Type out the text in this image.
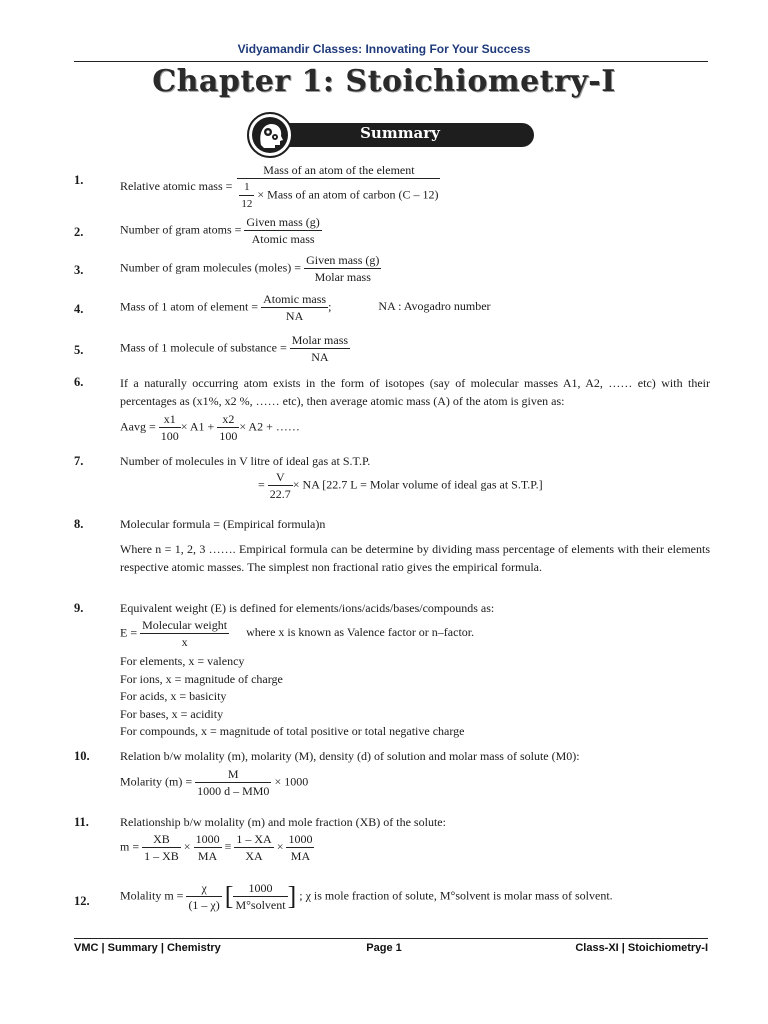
Vidyamandir Classes: Innovating For Your Success
Chapter 1: Stoichiometry-I
Summary
1.	Relative atomic mass = $\frac{\text{Mass of an atom of the element}}{\frac{1}{12} \times Mass of an atom of carbon (C - 12)}$
2.	Number of gram atoms = $\frac{\text{Given mass (g)}}{\text{Atomic mass}}$
3.	Number of gram molecules (moles) = $\frac{\text{Given mass (g)}}{\text{Molar mass}}$
4.	Mass of 1 atom of element = $\frac{\text{Atomic mass}}{NA}$ ;	NA : Avogadro number
5.	Mass of 1 molecule of substance = $\frac{\text{Molar mass}}{NA}$
6.	If a naturally occurring atom exists in the form of isotopes (say of molecular masses A1, A2, …… etc) with their percentages as (x1%, x2 %, …… etc), then average atomic mass (A) of the atom is given as:
Aavg = $\frac{x1}{100} \times A1 + \frac{x2}{100} \times A2$ + ……
7.	Number of molecules in V litre of ideal gas at S.T.P.
= $\frac{V}{22.7}$ × NA [22.7 L = Molar volume of ideal gas at S.T.P.]
8.	Molecular formula = (Empirical formula)n
Where n = 1, 2, 3 ……. Empirical formula can be determine by dividing mass percentage of elements with their elements respective atomic masses. The simplest non fractional ratio gives the empirical formula.
9.	Equivalent weight (E) is defined for elements/ions/acids/bases/compounds as:
$E = \frac{\text{Molecular weight}}{x}$ where x is known as Valence factor or n–factor.
For elements, x = valency
For ions, x = magnitude of charge
For acids, x = basicity
For bases, x = acidity
For compounds, x = magnitude of total positive or total negative charge
10.	Relation b/w molality (m), molarity (M), density (d) of solution and molar mass of solute (M0):
Molarity $(m) = \frac{M}{1000 d - MM0} \times 1000$
11.	Relationship b/w molality (m) and mole fraction (XB) of the solute:
$m = \frac{XB}{1 - XB} \times \frac{1000}{MA} \equiv \frac{1 - XA}{XA} \times \frac{1000}{MA}$
12.	Molality $m = \frac{\chi}{(1 - \chi)}$ [ $\frac{1000}{\text{M°solvent}}$ ] ; χ is mole fraction of solute, M°solvent is molar mass of solvent.
VMC | Summary | Chemistry	Page 1	Class-XI | Stoichiometry-I
